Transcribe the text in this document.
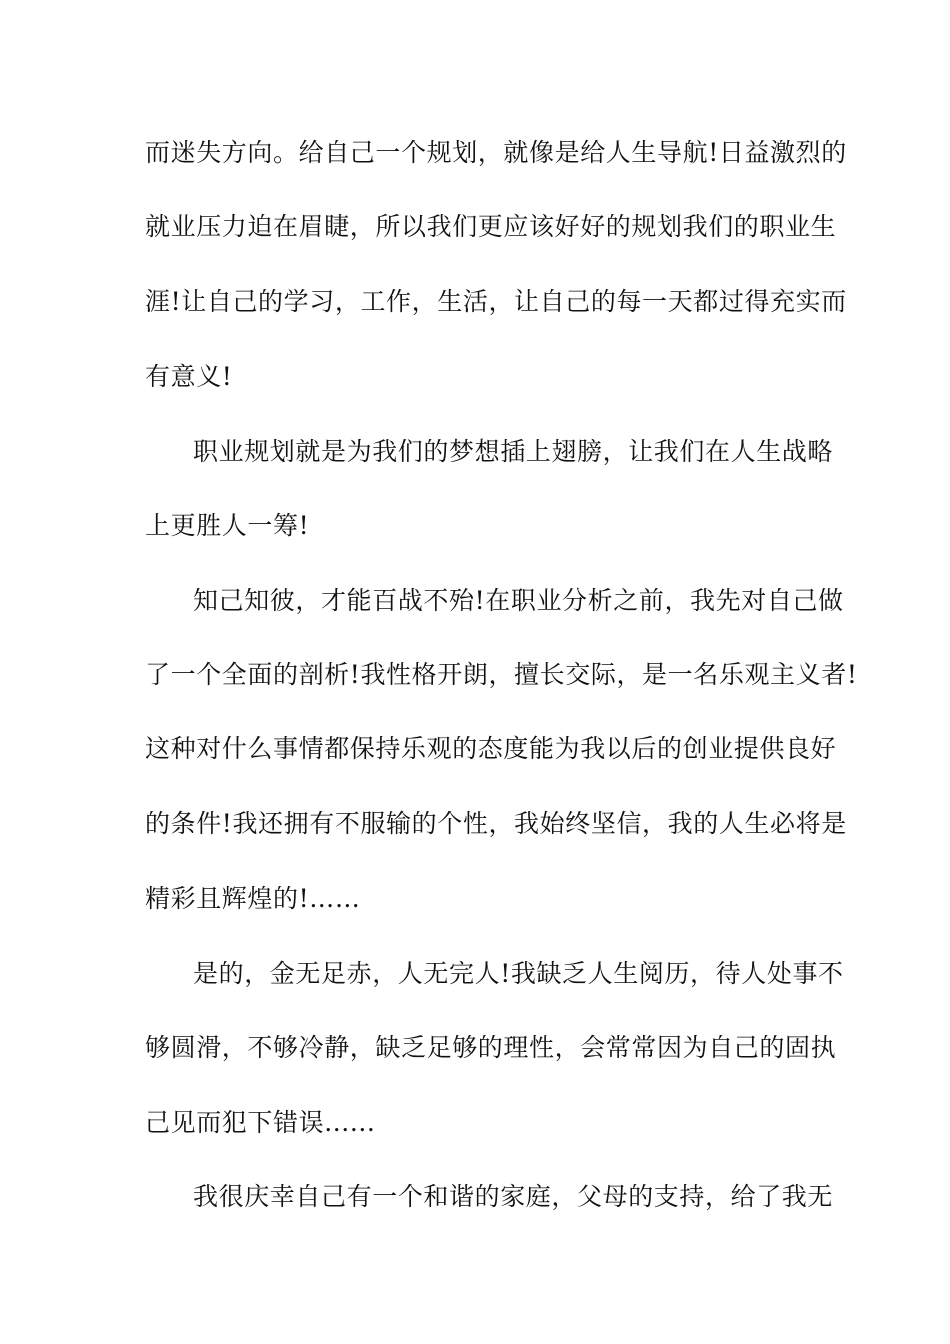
而迷失方向。给自己一个规划，就像是给人生导航!日益激烈的
就业压力迫在眉睫，所以我们更应该好好的规划我们的职业生
涯!让自己的学习，工作，生活，让自己的每一天都过得充实而
有意义!
职业规划就是为我们的梦想插上翅膀，让我们在人生战略
上更胜人一筹!
知己知彼，才能百战不殆!在职业分析之前，我先对自己做
了一个全面的剖析!我性格开朗，擅长交际，是一名乐观主义者!
这种对什么事情都保持乐观的态度能为我以后的创业提供良好
的条件!我还拥有不服输的个性，我始终坚信，我的人生必将是
精彩且辉煌的!……
是的，金无足赤，人无完人!我缺乏人生阅历，待人处事不
够圆滑，不够冷静，缺乏足够的理性，会常常因为自己的固执
己见而犯下错误......
我很庆幸自己有一个和谐的家庭，父母的支持，给了我无
